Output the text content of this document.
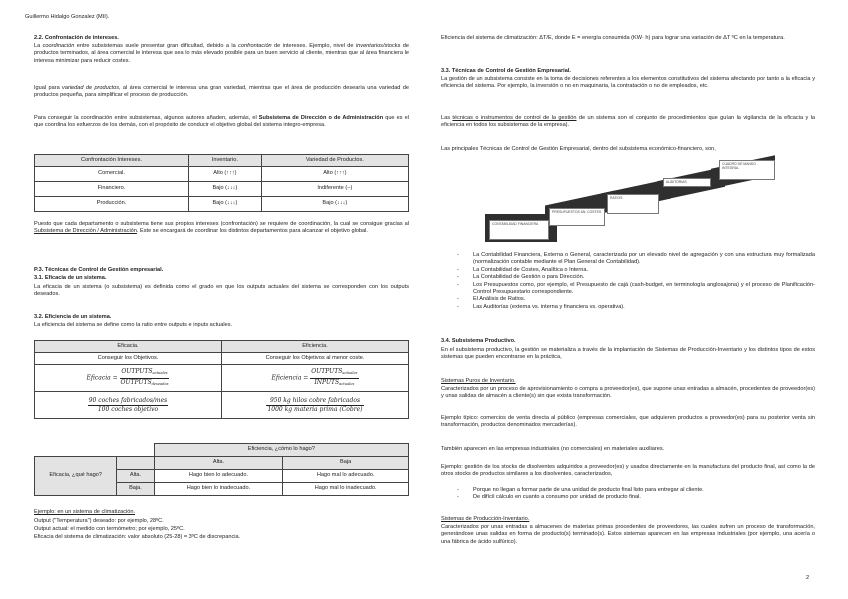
Guillermo Hidalgo Gonzalez (MII).
2.2. Confrontación de intereses.

La coordinación entre subsistemas suele presentar gran dificultad, debido a la confrontación de intereses. Ejemplo, nivel de inventarios/stocks de productos terminados, al área comercial le interesa que sea lo más elevado posible para un buen servicio al cliente, mientras que al área financiera le interesa minimizar para reducir costes.

Igual para variedad de productos, al área comercial le interesa una gran variedad, mientras que el área de producción desearía una variedad de productos pequeña, para simplificar el proceso de producción.

Para conseguir la coordinación entre subsistemas, algunos autores añaden, además, el Subsistema de Dirección o de Administración que es el que coordina los esfuerzos de los demás, con el propósito de conducir el objetivo global del sistema integro-empresa.

Confrontación Intereses.	Inventario.	Variedad de Productos.
Comercial.	Alto (↑↑↑)	Alto (↑↑↑)
Financiero.	Bajo (↓↓↓)	Indiferente (−)
Producción.	Bajo (↓↓↓)	Bajo (↓↓↓)

Puesto que cada departamento o subsistema tiene sus propios intereses (confrontación) se requiere de coordinación, la cual se consigue gracias al Subsistema de Dirección / Administración. Este se encargará de coordinar los distintos departamentos para alcanzar el objetivo global.

P.3. Técnicas de Control de Gestión empresarial.
3.1. Eficacia de un sistema.

La eficacia de un sistema (o subsistema) es definida como el grado en que los outputs actuales del sistema se corresponden con los outputs deseados.

3.2. Eficiencia de un sistema.

La eficiencia del sistema se define como la ratio entre outputs e inputs actuales.

Eficacia.	Eficiencia.
Conseguir los Objetivos.	Conseguir los Objetivos al menor coste.
Eficacia = $\frac{OUTPUTS_{actuales}}{OUTPUTS_{deseados}}$	Eficiencia = $\frac{OUTPUTS_{actuales}}{INPUTS_{actuales}}$

$\frac{\text{90 coches fabricados/mes}}{\text{100 coches objetivo}}$	$\frac{\text{950 kg hilos cobre fabricados}}{\text{1000 kg materia prima (Cobre)}}$
		Eficiencia, ¿cómo lo hago?	
Eficacia, ¿qué hago?		Alta.	Baja
	Alta.	Hago bien lo adecuado.	Hago mal lo adecuado.
	Baja.	Hago bien lo inadecuado.	Hago mal lo inadecuado.
Ejemplo: en un sistema de climatización.
Output ("Temperatura") deseado: por ejemplo, 28ºC.
Output actual: el medido con termómetro; por ejemplo, 25ºC.
Eficacia del sistema de climatización: valor absoluto (25-28) = 3ºC de discrepancia.

Eficiencia del sistema de climatización: ΔT/E, donde E = energía consumida (KW· h) para lograr una variación de ΔT ºC en la temperatura.

3.3. Técnicas de Control de Gestión Empresarial.

La gestión de un subsistema consiste en la toma de decisiones referentes a los elementos constitutivos del sistema afectando por tanto a la eficacia y eficiencia del sistema. Por ejemplo, la inversión o no en maquinaria, la contratación o no de empleados, etc.

Las técnicas o instrumentos de control de la gestión de un sistema son el conjunto de procedimientos que guían la vigilancia de la eficacia y la eficiencia en todos los subsistemas de la empresa).

Las principales Técnicas de Control de Gestión Empresarial, dentro del subsistema económico-financiero, son,

CONTABILIDAD FINANCIERA
PRESUPUESTOS AN. COSTES
RATIOS
AUDITORIAS
CUADRO DE MANDO INTEGRAL
- La Contabilidad Financiera, Externa o General, caracterizada por un elevado nivel de agregación y con una estructura muy formalizada (normalización contable mediante el Plan General de Contabilidad).
- La Contabilidad de Costes, Analítica o Interna.
- La Contabilidad de Gestión o para Dirección.
- Los Presupuestos como, por ejemplo, el Presupuesto de cajá (cash-budget, en terminología anglosajona) y el proceso de Planificación-Control Presupuestario correspondiente.
- El Análisis de Ratios.
- Las Auditorías (externa vs. interna y financiera vs. operativa).
3.4. Subsistema Productivo.

En el subsistema productivo, la gestión se materializa a través de la implantación de Sistemas de Producción-Inventario y los distintos tipos de estos sistemas que pueden encontrarse en la práctica,

Sistemas Puros de Inventario.

Caracterizados por un proceso de aprovisionamiento o compra a proveedor(es), que supone unas entradas a almacén, procedentes de proveedor(es) y unas salidas de almacén a cliente(s) sin que exista transformación.

Ejemplo típico: comercios de venta directa al público (empresas comerciales, que adquieren productos a proveedor(es) para su posterior venta sin transformación, productos denominados mercaderías).

También aparecen en las empresas industriales (no comerciales) en materiales auxiliares.

Ejemplo: gestión de los stocks de disolventes adquiridos a proveedor(es) y usados directamente en la manufactura del producto final, así como la de otros stocks de productos similares a los disolventes, caracterizados,

- Porque no llegan a formar parte de una unidad de producto final listo para entregar al cliente.
- De difícil cálculo en cuanto a consumo por unidad de producto final.
Sistemas de Producción-Inventario.

Caracterizados por unas entradas a almacenes de materias primas procedentes de proveedores, las cuales sufren un proceso de transformación, generándose unas salidas en forma de producto(s) terminado(s). Estos sistemas aparecen en las empresas industriales (por ejemplo, una acería o una fábrica de ácido sulfúrico).

2
